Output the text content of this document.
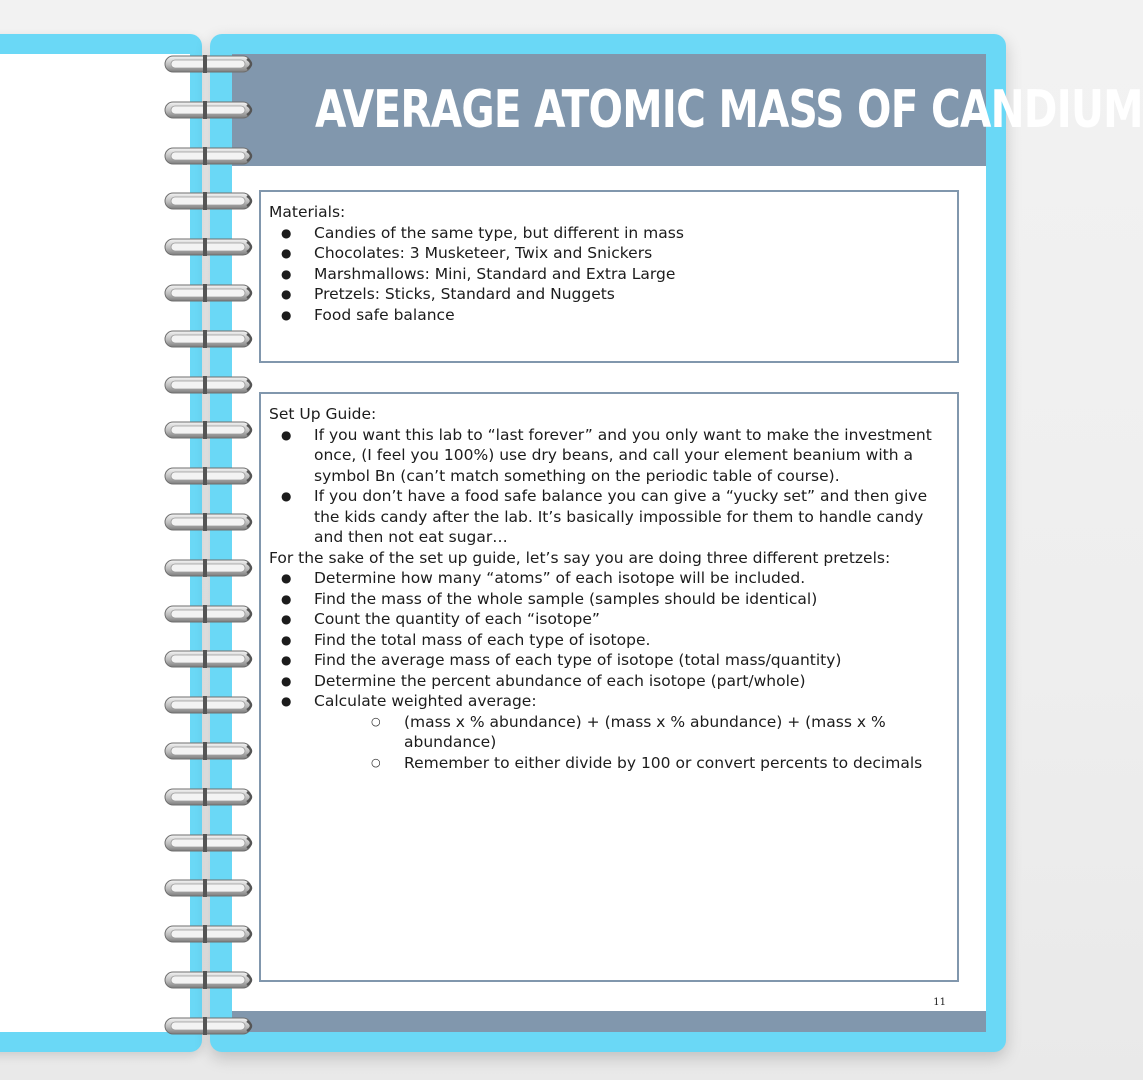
AVERAGE ATOMIC MASS OF CANDIUM

Materials:

● Candies of the same type, but different in mass
● Chocolates: 3 Musketeer, Twix and Snickers
● Marshmallows: Mini, Standard and Extra Large
● Pretzels: Sticks, Standard and Nuggets
● Food safe balance

Set Up Guide:

● If you want this lab to “last forever” and you only want to make the investment once, (I feel you 100%) use dry beans, and call your element beanium with a symbol Bn (can’t match something on the periodic table of course).
● If you don’t have a food safe balance you can give a “yucky set” and then give the kids candy after the lab. It’s basically impossible for them to handle candy and then not eat sugar…

For the sake of the set up guide, let’s say you are doing three different pretzels:

● Determine how many “atoms” of each isotope will be included.
● Find the mass of the whole sample (samples should be identical)
● Count the quantity of each “isotope”
● Find the total mass of each type of isotope.
● Find the average mass of each type of isotope (total mass/quantity)
● Determine the percent abundance of each isotope (part/whole)
● Calculate weighted average:
○ (mass x % abundance) + (mass x % abundance) + (mass x % abundance)
○ Remember to either divide by 100 or convert percents to decimals
11
